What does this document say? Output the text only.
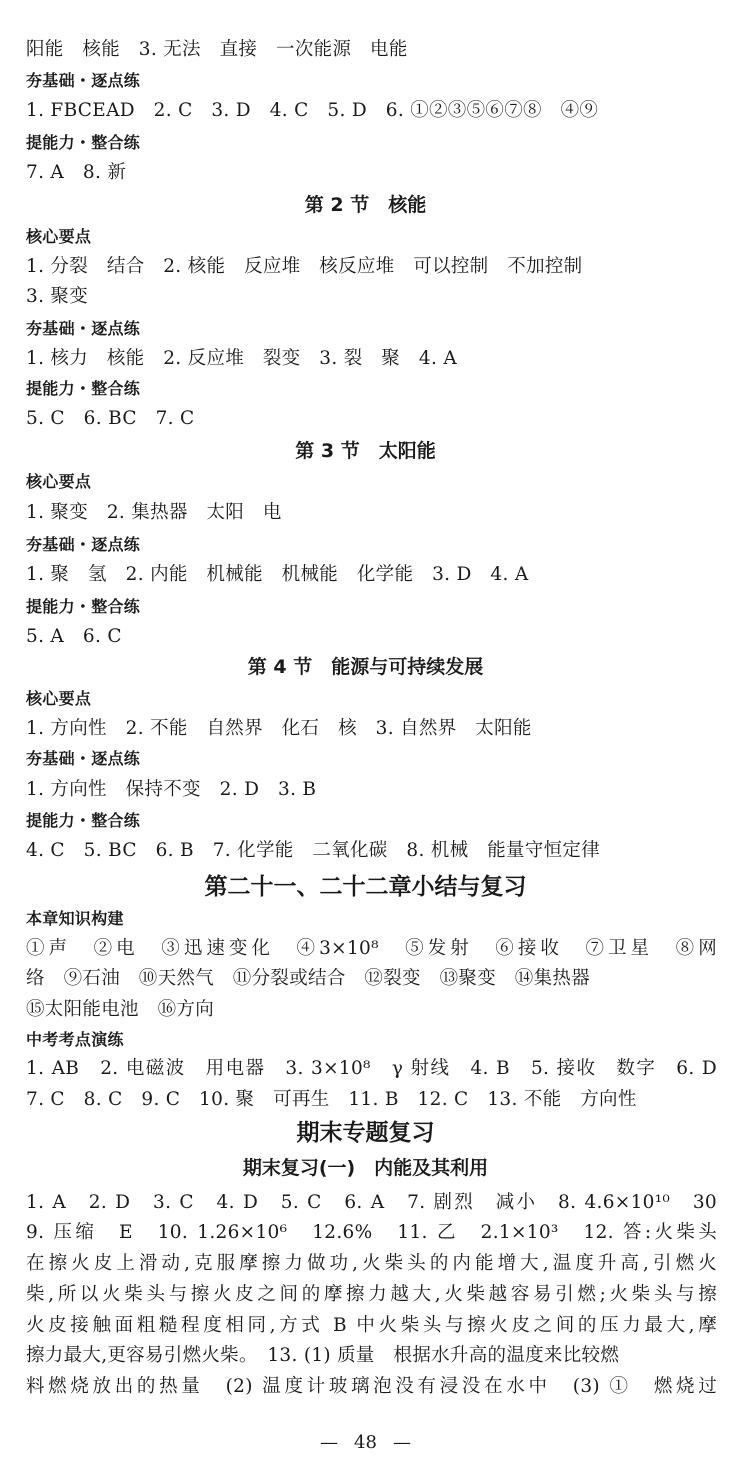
阳能　核能　3. 无法　直接　一次能源　电能
夯基础・逐点练
1. FBCEAD　2. C　3. D　4. C　5. D　6. ①②③⑤⑥⑦⑧　④⑨
提能力・整合练
7. A　8. 新
第 2 节　核能
核心要点
1. 分裂　结合　2. 核能　反应堆　核反应堆　可以控制　不加控制
3. 聚变
夯基础・逐点练
1. 核力　核能　2. 反应堆　裂变　3. 裂　聚　4. A
提能力・整合练
5. C　6. BC　7. C
第 3 节　太阳能
核心要点
1. 聚变　2. 集热器　太阳　电
夯基础・逐点练
1. 聚　氢　2. 内能　机械能　机械能　化学能　3. D　4. A
提能力・整合练
5. A　6. C
第 4 节　能源与可持续发展
核心要点
1. 方向性　2. 不能　自然界　化石　核　3. 自然界　太阳能
夯基础・逐点练
1. 方向性　保持不变　2. D　3. B
提能力・整合练
4. C　5. BC　6. B　7. 化学能　二氧化碳　8. 机械　能量守恒定律
第二十一、二十二章小结与复习
本章知识构建
①声　②电　③迅速变化　④3×10⁸　⑤发射　⑥接收　⑦卫星　⑧网
络　⑨石油　⑩天然气　⑪分裂或结合　⑫裂变　⑬聚变　⑭集热器
⑮太阳能电池　⑯方向
中考考点演练
1. AB　2. 电磁波　用电器　3. 3×10⁸　γ 射线　4. B　5. 接收　数字　6. D
7. C　8. C　9. C　10. 聚　可再生　11. B　12. C　13. 不能　方向性
期末专题复习
期末复习(一)　内能及其利用
1. A　2. D　3. C　4. D　5. C　6. A　7. 剧烈　减小　8. 4.6×10¹⁰　30
9. 压缩　E　10. 1.26×10⁶　12.6%　11. 乙　2.1×10³　12. 答:火柴头
在擦火皮上滑动,克服摩擦力做功,火柴头的内能增大,温度升高,引燃火
柴,所以火柴头与擦火皮之间的摩擦力越大,火柴越容易引燃;火柴头与擦
火皮接触面粗糙程度相同,方式 B 中火柴头与擦火皮之间的压力最大,摩
擦力最大,更容易引燃火柴。　13. (1) 质量　根据水升高的温度来比较燃
料燃烧放出的热量　(2) 温度计玻璃泡没有浸没在水中　(3) ①　燃烧过
— 48 —
